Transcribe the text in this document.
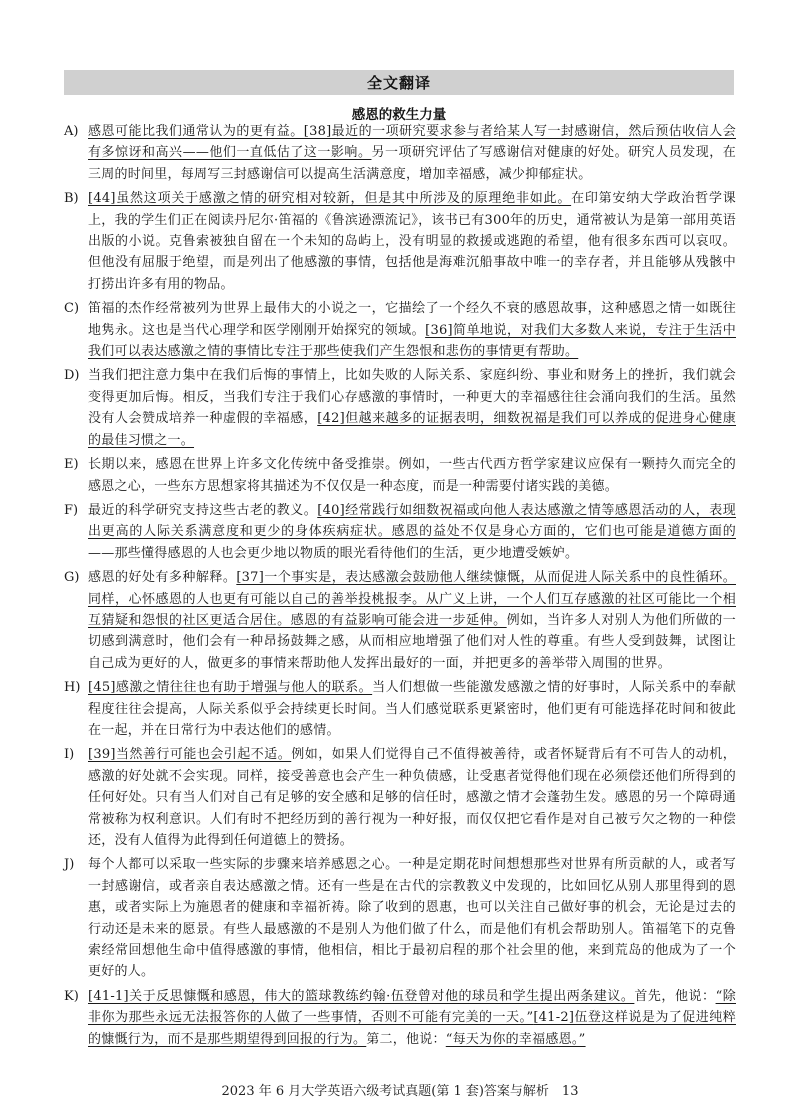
全文翻译
感恩的救生力量
A) 感恩可能比我们通常认为的更有益。[38]最近的一项研究要求参与者给某人写一封感谢信，然后预估收信人会有多惊讶和高兴——他们一直低估了这一影响。另一项研究评估了写感谢信对健康的好处。研究人员发现，在三周的时间里，每周写三封感谢信可以提高生活满意度，增加幸福感，减少抑郁症状。
B) [44]虽然这项关于感激之情的研究相对较新，但是其中所涉及的原理绝非如此。在印第安纳大学政治哲学课上，我的学生们正在阅读丹尼尔·笛福的《鲁滨逊漂流记》，该书已有300年的历史，通常被认为是第一部用英语出版的小说。克鲁索被独自留在一个未知的岛屿上，没有明显的救援或逃跑的希望，他有很多东西可以哀叹。但他没有屈服于绝望，而是列出了他感激的事情，包括他是海难沉船事故中唯一的幸存者，并且能够从残骸中打捞出许多有用的物品。
C) 笛福的杰作经常被列为世界上最伟大的小说之一，它描绘了一个经久不衰的感恩故事，这种感恩之情一如既往地隽永。这也是当代心理学和医学刚刚开始探究的领域。[36]简单地说，对我们大多数人来说，专注于生活中我们可以表达感激之情的事情比专注于那些使我们产生怨恨和悲伤的事情更有帮助。
D) 当我们把注意力集中在我们后悔的事情上，比如失败的人际关系、家庭纠纷、事业和财务上的挫折，我们就会变得更加后悔。相反，当我们专注于我们心存感激的事情时，一种更大的幸福感往往会涌向我们的生活。虽然没有人会赞成培养一种虚假的幸福感，[42]但越来越多的证据表明，细数祝福是我们可以养成的促进身心健康的最佳习惯之一。
E) 长期以来，感恩在世界上许多文化传统中备受推崇。例如，一些古代西方哲学家建议应保有一颗持久而完全的感恩之心，一些东方思想家将其描述为不仅仅是一种态度，而是一种需要付诸实践的美德。
F) 最近的科学研究支持这些古老的教义。[40]经常践行如细数祝福或向他人表达感激之情等感恩活动的人，表现出更高的人际关系满意度和更少的身体疾病症状。感恩的益处不仅是身心方面的，它们也可能是道德方面的——那些懂得感恩的人也会更少地以物质的眼光看待他们的生活，更少地遭受嫉妒。
G) 感恩的好处有多种解释。[37]一个事实是，表达感激会鼓励他人继续慷慨，从而促进人际关系中的良性循环。同样，心怀感恩的人也更有可能以自己的善举投桃报李。从广义上讲，一个人们互存感激的社区可能比一个相互猜疑和怨恨的社区更适合居住。感恩的有益影响可能会进一步延伸。例如，当许多人对别人为他们所做的一切感到满意时，他们会有一种昂扬鼓舞之感，从而相应地增强了他们对人性的尊重。有些人受到鼓舞，试图让自己成为更好的人，做更多的事情来帮助他人发挥出最好的一面，并把更多的善举带入周围的世界。
H) [45]感激之情往往也有助于增强与他人的联系。当人们想做一些能激发感激之情的好事时，人际关系中的奉献程度往往会提高，人际关系似乎会持续更长时间。当人们感觉联系更紧密时，他们更有可能选择花时间和彼此在一起，并在日常行为中表达他们的感情。
I)	[39]当然善行可能也会引起不适。例如，如果人们觉得自己不值得被善待，或者怀疑背后有不可告人的动机，感激的好处就不会实现。同样，接受善意也会产生一种负债感，让受惠者觉得他们现在必须偿还他们所得到的任何好处。只有当人们对自己有足够的安全感和足够的信任时，感激之情才会蓬勃生发。感恩的另一个障碍通常被称为权利意识。人们有时不把经历到的善行视为一种好报，而仅仅把它看作是对自己被亏欠之物的一种偿还，没有人值得为此得到任何道德上的赞扬。
J)	每个人都可以采取一些实际的步骤来培养感恩之心。一种是定期花时间想想那些对世界有所贡献的人，或者写一封感谢信，或者亲自表达感激之情。还有一些是在古代的宗教教义中发现的，比如回忆从别人那里得到的恩惠，或者实际上为施恩者的健康和幸福祈祷。除了收到的恩惠，也可以关注自己做好事的机会，无论是过去的行动还是未来的愿景。有些人最感激的不是别人为他们做了什么，而是他们有机会帮助别人。笛福笔下的克鲁索经常回想他生命中值得感激的事情，他相信，相比于最初启程的那个社会里的他，来到荒岛的他成为了一个更好的人。
K) [41-1]关于反思慷慨和感恩，伟大的篮球教练约翰·伍登曾对他的球员和学生提出两条建议。首先，他说：“除非你为那些永远无法报答你的人做了一些事情，否则不可能有完美的一天。”[41-2]伍登这样说是为了促进纯粹的慷慨行为，而不是那些期望得到回报的行为。第二，他说：“每天为你的幸福感恩。”
2023 年 6 月大学英语六级考试真题(第 1 套)答案与解析　13
